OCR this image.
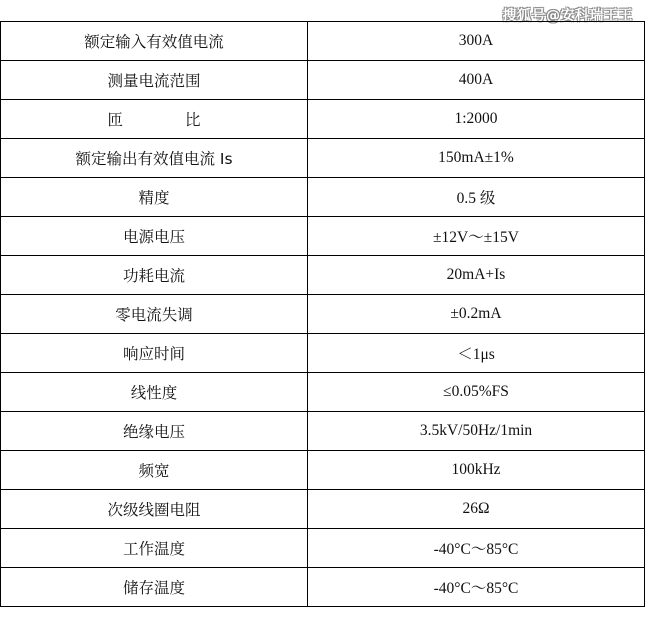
搜狐号@安科瑞王王
额定输入有效值电流	300A
测量电流范围	400A
匝　　　　比	1:2000
额定输出有效值电流 Is	150mA±1%
精度	0.5 级
电源电压	±12V～±15V
功耗电流	20mA+Is
零电流失调	±0.2mA
响应时间	＜1μs
线性度	≤0.05%FS
绝缘电压	3.5kV/50Hz/1min
频宽	100kHz
次级线圈电阻	26Ω
工作温度	-40°C～85°C
储存温度	-40°C～85°C
